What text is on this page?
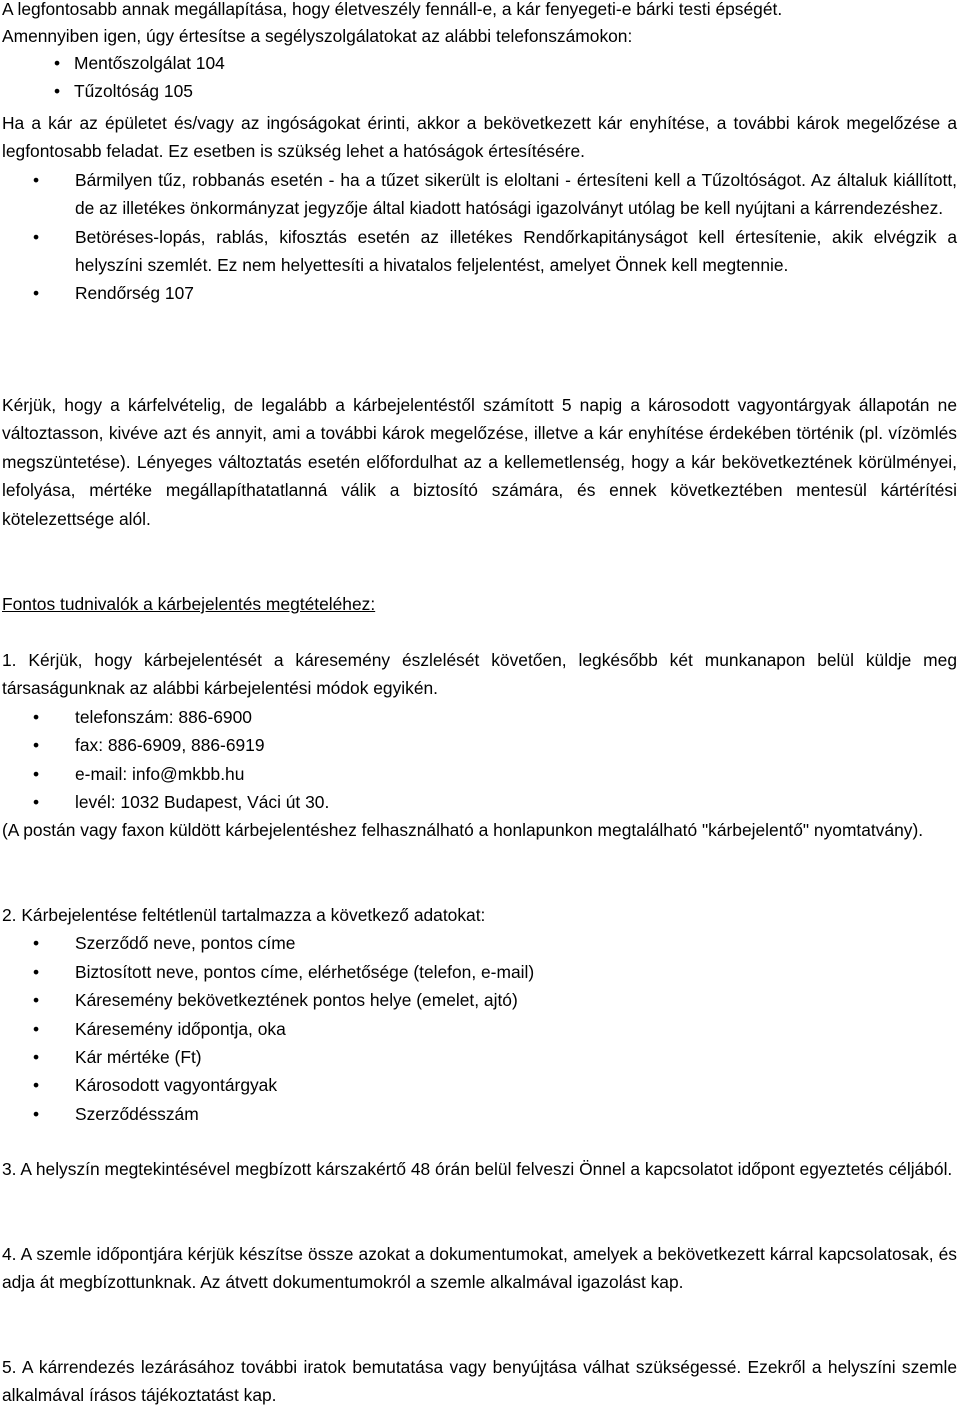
A legfontosabb annak megállapítása, hogy életveszély fennáll-e, a kár fenyegeti-e bárki testi épségét.

Amennyiben igen, úgy értesítse a segélyszolgálatokat az alábbi telefonszámokon:

• Mentőszolgálat 104
• Tűzoltóság 105

Ha a kár az épületet és/vagy az ingóságokat érinti, akkor a bekövetkezett kár enyhítése, a további károk megelőzése a legfontosabb feladat. Ez esetben is szükség lehet a hatóságok értesítésére.

• Bármilyen tűz, robbanás esetén - ha a tűzet sikerült is eloltani - értesíteni kell a Tűzoltóságot. Az általuk kiállított, de az illetékes önkormányzat jegyzője által kiadott hatósági igazolványt utólag be kell nyújtani a kárrendezéshez.
• Betöréses-lopás, rablás, kifosztás esetén az illetékes Rendőrkapitányságot kell értesítenie, akik elvégzik a helyszíni szemlét. Ez nem helyettesíti a hivatalos feljelentést, amelyet Önnek kell megtennie.
• Rendőrség 107

Kérjük, hogy a kárfelvételig, de legalább a kárbejelentéstől számított 5 napig a károsodott vagyontárgyak állapotán ne változtasson, kivéve azt és annyit, ami a további károk megelőzése, illetve a kár enyhítése érdekében történik (pl. vízömlés megszüntetése). Lényeges változtatás esetén előfordulhat az a kellemetlenség, hogy a kár bekövetkeztének körülményei, lefolyása, mértéke megállapíthatatlanná válik a biztosító számára, és ennek következtében mentesül kártérítési kötelezettsége alól.

Fontos tudnivalók a kárbejelentés megtételéhez:

1. Kérjük, hogy kárbejelentését a káresemény észlelését követően, legkésőbb két munkanapon belül küldje meg társaságunknak az alábbi kárbejelentési módok egyikén.

• telefonszám: 886-6900
• fax: 886-6909, 886-6919
• e-mail: info@mkbb.hu
• levél: 1032 Budapest, Váci út 30.

(A postán vagy faxon küldött kárbejelentéshez felhasználható a honlapunkon megtalálható "kárbejelentő" nyomtatvány).

2. Kárbejelentése feltétlenül tartalmazza a következő adatokat:

• Szerződő neve, pontos címe
• Biztosított neve, pontos címe, elérhetősége (telefon, e-mail)
• Káresemény bekövetkeztének pontos helye (emelet, ajtó)
• Káresemény időpontja, oka
• Kár mértéke (Ft)
• Károsodott vagyontárgyak
• Szerződésszám

3. A helyszín megtekintésével megbízott kárszakértő 48 órán belül felveszi Önnel a kapcsolatot időpont egyeztetés céljából.

4. A szemle időpontjára kérjük készítse össze azokat a dokumentumokat, amelyek a bekövetkezett kárral kapcsolatosak, és adja át megbízottunknak. Az átvett dokumentumokról a szemle alkalmával igazolást kap.

5. A kárrendezés lezárásához további iratok bemutatása vagy benyújtása válhat szükségessé. Ezekről a helyszíni szemle alkalmával írásos tájékoztatást kap.
